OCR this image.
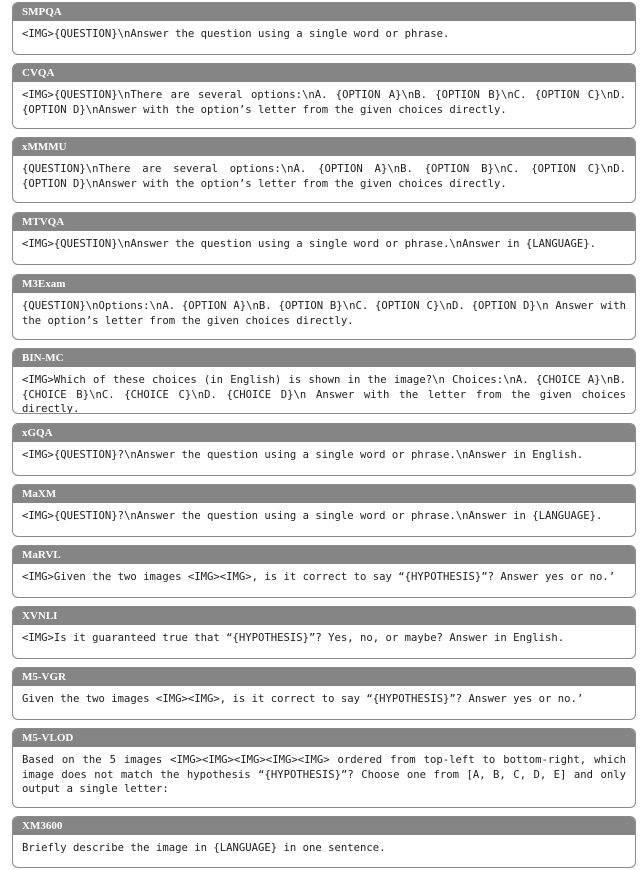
SMPQA
<IMG>{QUESTION}\nAnswer the question using a single word or phrase.
CVQA
<IMG>{QUESTION}\nThere are several options:\nA. {OPTION A}\nB. {OPTION B}\nC. {OPTION C}\nD. {OPTION D}\nAnswer with the option’s letter from the given choices directly.
xMMMU
{QUESTION}\nThere are several options:\nA. {OPTION A}\nB. {OPTION B}\nC. {OPTION C}\nD. {OPTION D}\nAnswer with the option’s letter from the given choices directly.
MTVQA
<IMG>{QUESTION}\nAnswer the question using a single word or phrase.\nAnswer in {LANGUAGE}.
M3Exam
{QUESTION}\nOptions:\nA. {OPTION A}\nB. {OPTION B}\nC. {OPTION C}\nD. {OPTION D}\n Answer with the option’s letter from the given choices directly.
BIN-MC
<IMG>Which of these choices (in English) is shown in the image?\n Choices:\nA. {CHOICE A}\nB. {CHOICE B}\nC. {CHOICE C}\nD. {CHOICE D}\n Answer with the letter from the given choices directly.
xGQA
<IMG>{QUESTION}?\nAnswer the question using a single word or phrase.\nAnswer in English.
MaXM
<IMG>{QUESTION}?\nAnswer the question using a single word or phrase.\nAnswer in {LANGUAGE}.
MaRVL
<IMG>Given the two images <IMG><IMG>, is it correct to say “{HYPOTHESIS}”? Answer yes or no.’
XVNLI
<IMG>Is it guaranteed true that “{HYPOTHESIS}”? Yes, no, or maybe? Answer in English.
M5-VGR
Given the two images <IMG><IMG>, is it correct to say “{HYPOTHESIS}”? Answer yes or no.’
M5-VLOD
Based on the 5 images <IMG><IMG><IMG><IMG><IMG> ordered from top-left to bottom-right, which image does not match the hypothesis “{HYPOTHESIS}”? Choose one from [A, B, C, D, E] and only output a single letter:
XM3600
Briefly describe the image in {LANGUAGE} in one sentence.
